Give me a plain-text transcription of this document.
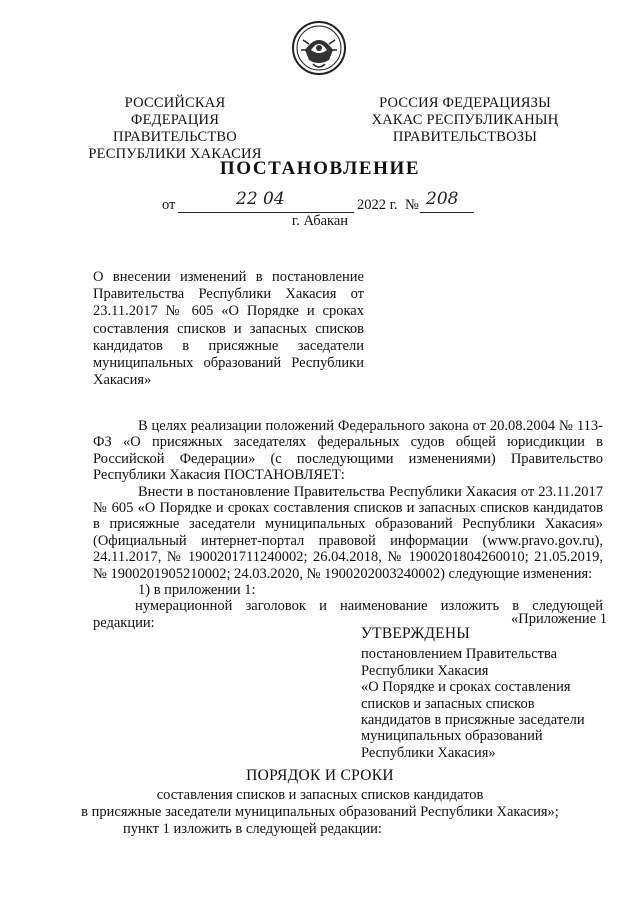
РОССИЙСКАЯ ФЕДЕРАЦИЯ
ПРАВИТЕЛЬСТВО
РЕСПУБЛИКИ ХАКАСИЯ
РОССИЯ ФЕДЕРАЦИЯЗЫ
ХАКАС РЕСПУБЛИКАНЫҢ
ПРАВИТЕЛЬСТВОЗЫ
ПОСТАНОВЛЕНИЕ
от	22 04	2022 г. № 208
г. Абакан
О внесении изменений в постановление Правительства Республики Хакасия от 23.11.2017 № 605 «О Порядке и сроках составления списков и запасных списков кандидатов в присяжные заседатели муниципальных образований Республики Хакасия»

В целях реализации положений Федерального закона от 20.08.2004 № 113-ФЗ «О присяжных заседателях федеральных судов общей юрисдикции в Российской Федерации» (с последующими изменениями) Правительство Республики Хакасия ПОСТАНОВЛЯЕТ:

Внести в постановление Правительства Республики Хакасия от 23.11.2017 № 605 «О Порядке и сроках составления списков и запасных списков кандидатов в присяжные заседатели муниципальных образований Республики Хакасия» (Официальный интернет-портал правовой информации (www.pravo.gov.ru), 24.11.2017, № 1900201711240002; 26.04.2018, № 1900201804260010; 21.05.2019, № 1900201905210002; 24.03.2020, № 1900202003240002) следующие изменения:

1) в приложении 1:

нумерационной заголовок и наименование изложить в следующей редакции:	«Приложение 1
УТВЕРЖДЕНЫ
постановлением Правительства
Республики Хакасия
«О Порядке и сроках составления
списков и запасных списков
кандидатов в присяжные заседатели
муниципальных образований
Республики Хакасия»
ПОРЯДОК И СРОКИ
составления списков и запасных списков кандидатов
в присяжные заседатели муниципальных образований Республики Хакасия»;
пункт 1 изложить в следующей редакции:
